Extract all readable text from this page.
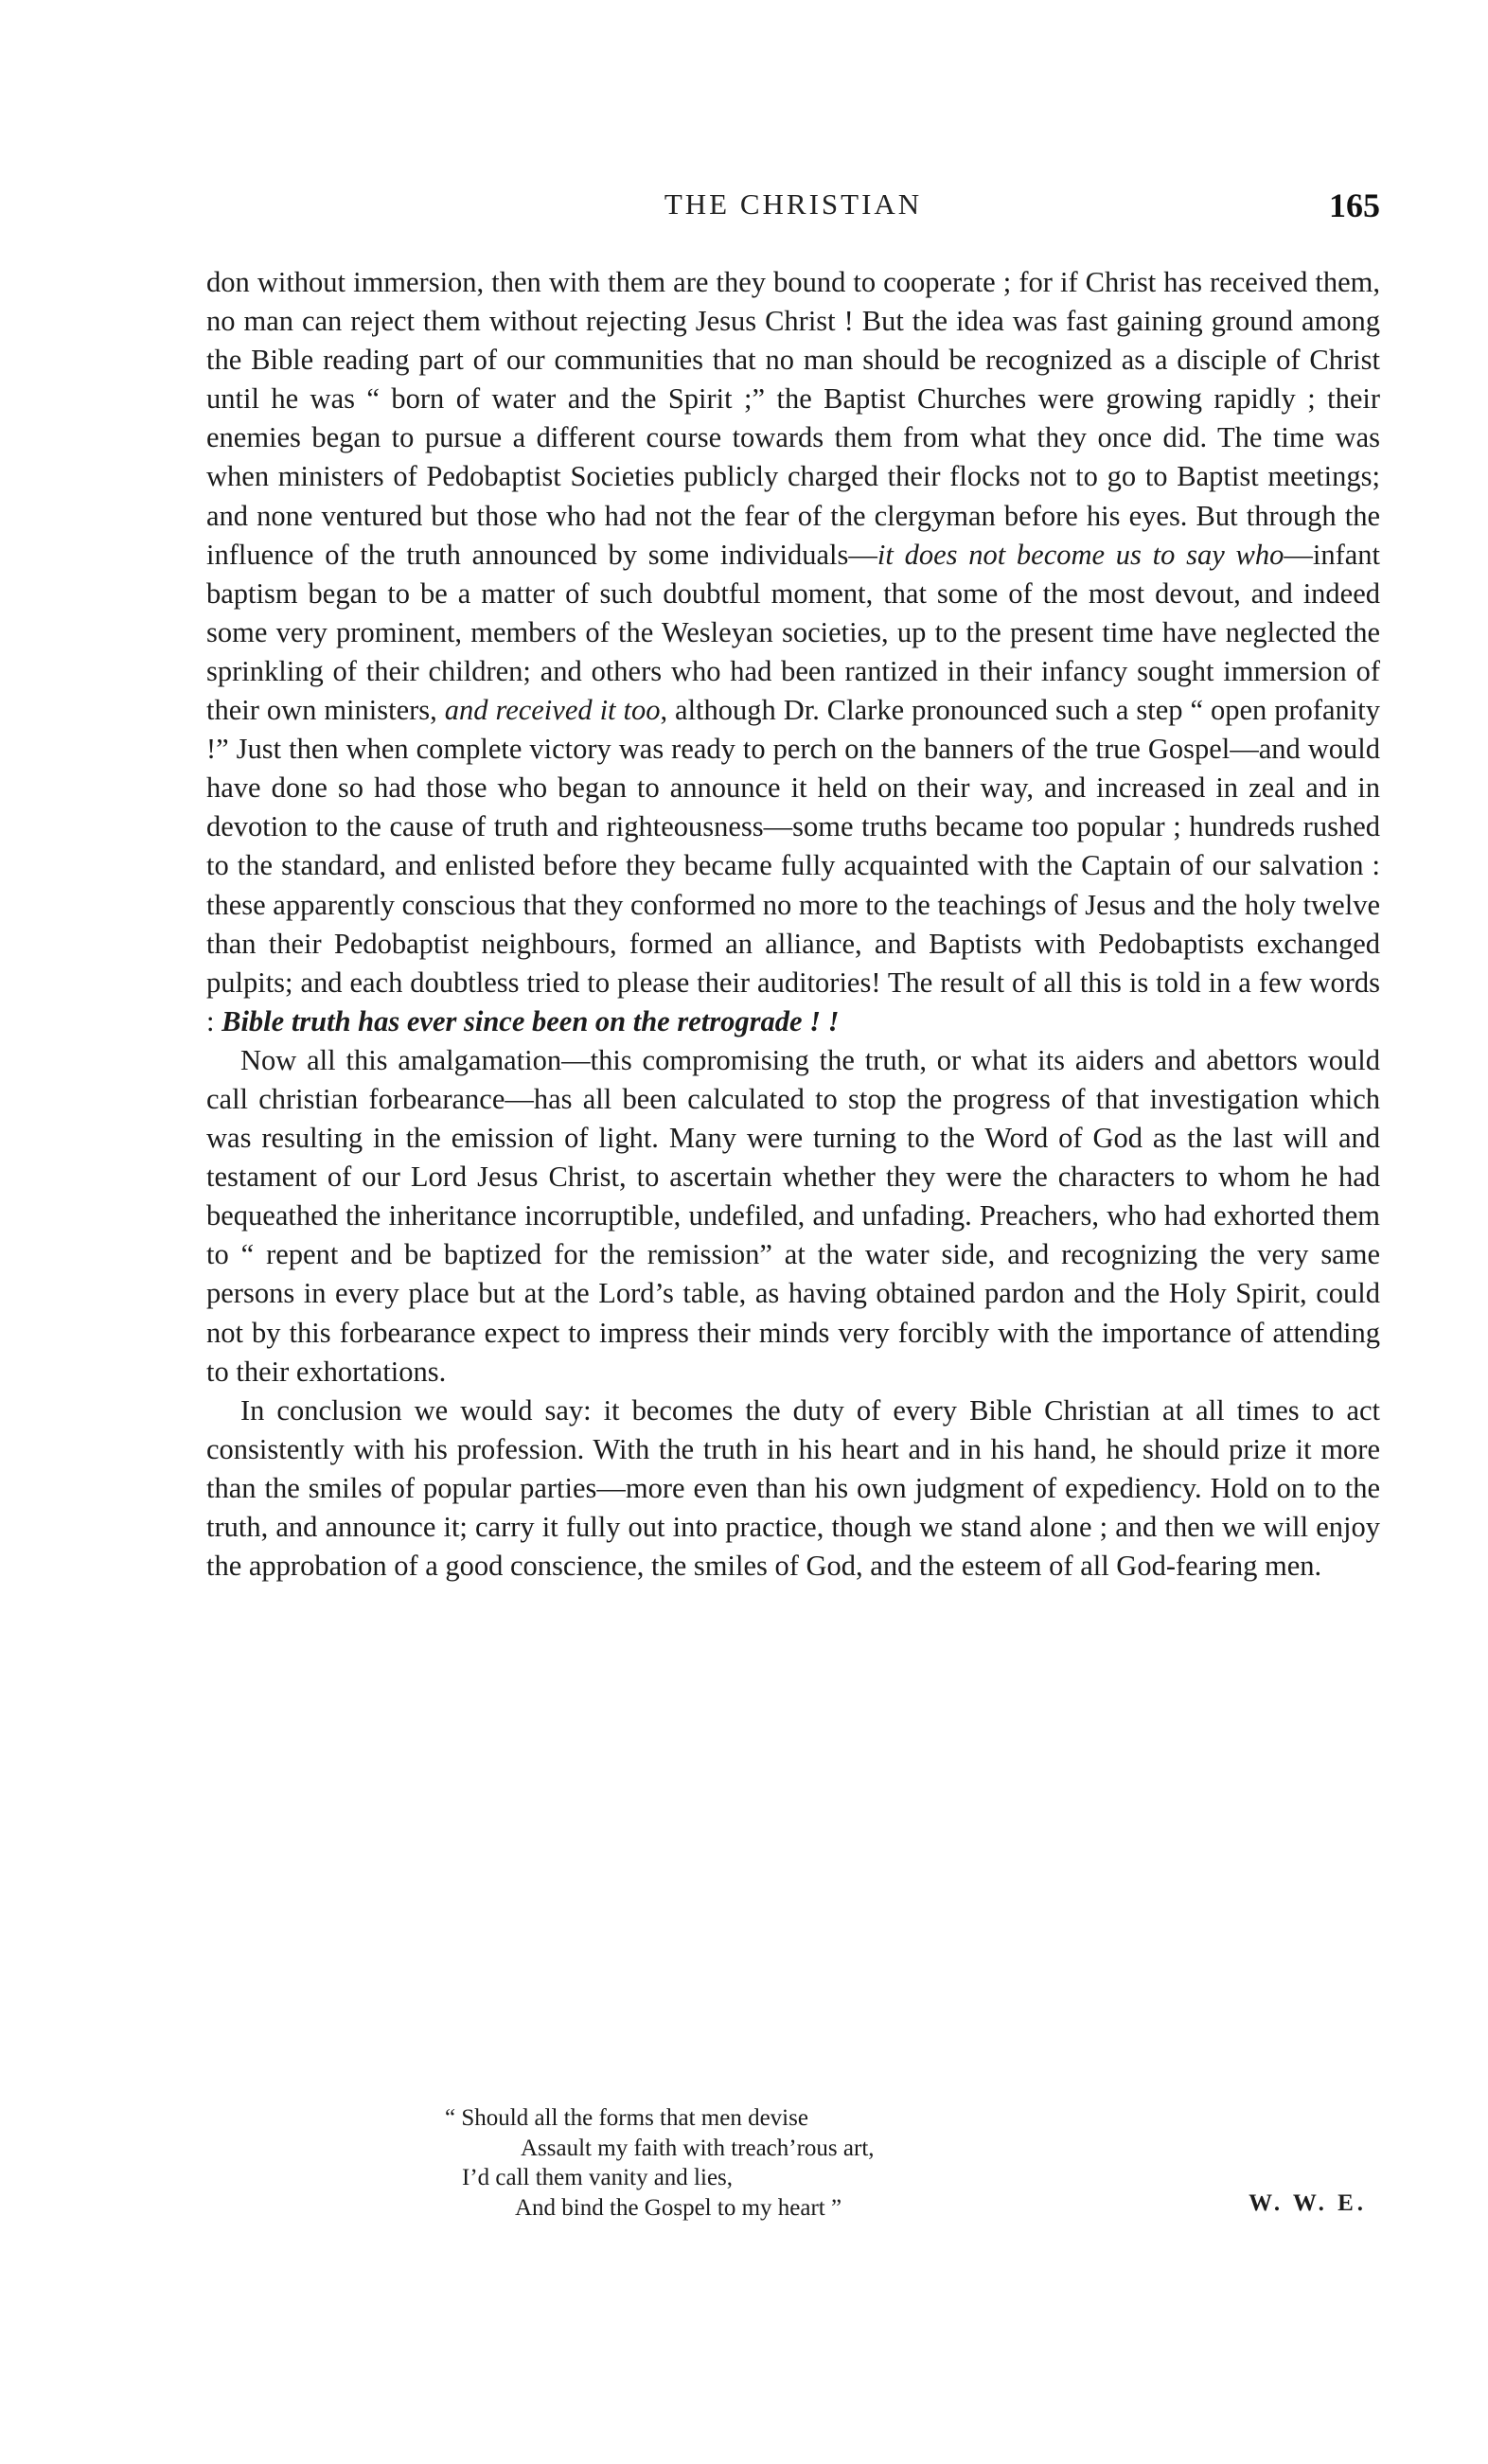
THE CHRISTIAN	165

don without immersion, then with them are they bound to cooperate ; for if Christ has received them, no man can reject them without rejecting Jesus Christ ! But the idea was fast gaining ground among the Bible reading part of our communities that no man should be recognized as a disciple of Christ until he was “ born of water and the Spirit ;” the Baptist Churches were growing rapidly ; their enemies began to pursue a different course towards them from what they once did. The time was when ministers of Pedobaptist Societies publicly charged their flocks not to go to Baptist meetings; and none ventured but those who had not the fear of the clergyman before his eyes. But through the influence of the truth announced by some individuals—it does not become us to say who—infant baptism began to be a matter of such doubtful moment, that some of the most devout, and indeed some very prominent, members of the Wesleyan societies, up to the present time have neglected the sprinkling of their children; and others who had been rantized in their infancy sought immersion of their own ministers, and received it too, although Dr. Clarke pronounced such a step “ open profanity !” Just then when complete victory was ready to perch on the banners of the true Gospel—and would have done so had those who began to announce it held on their way, and increased in zeal and in devotion to the cause of truth and righteousness—some truths became too popular ; hundreds rushed to the standard, and enlisted before they became fully acquainted with the Captain of our salvation : these apparently conscious that they conformed no more to the teachings of Jesus and the holy twelve than their Pedobaptist neighbours, formed an alliance, and Baptists with Pedobaptists exchanged pulpits; and each doubtless tried to please their auditories! The result of all this is told in a few words : Bible truth has ever since been on the retrograde ! !

Now all this amalgamation—this compromising the truth, or what its aiders and abettors would call christian forbearance—has all been calculated to stop the progress of that investigation which was resulting in the emission of light. Many were turning to the Word of God as the last will and testament of our Lord Jesus Christ, to ascertain whether they were the characters to whom he had bequeathed the inheritance incorruptible, undefiled, and unfading. Preachers, who had exhorted them to “ repent and be baptized for the remission” at the water side, and recognizing the very same persons in every place but at the Lord’s table, as having obtained pardon and the Holy Spirit, could not by this forbearance expect to impress their minds very forcibly with the importance of attending to their exhortations.

In conclusion we would say: it becomes the duty of every Bible Christian at all times to act consistently with his profession. With the truth in his heart and in his hand, he should prize it more than the smiles of popular parties—more even than his own judgment of expediency. Hold on to the truth, and announce it; carry it fully out into practice, though we stand alone ; and then we will enjoy the approbation of a good conscience, the smiles of God, and the esteem of all God-fearing men.

“ Should all the forms that men devise
Assault my faith with treach’rous art,
I’d call them vanity and lies,
And bind the Gospel to my heart ”	W. W. E.
